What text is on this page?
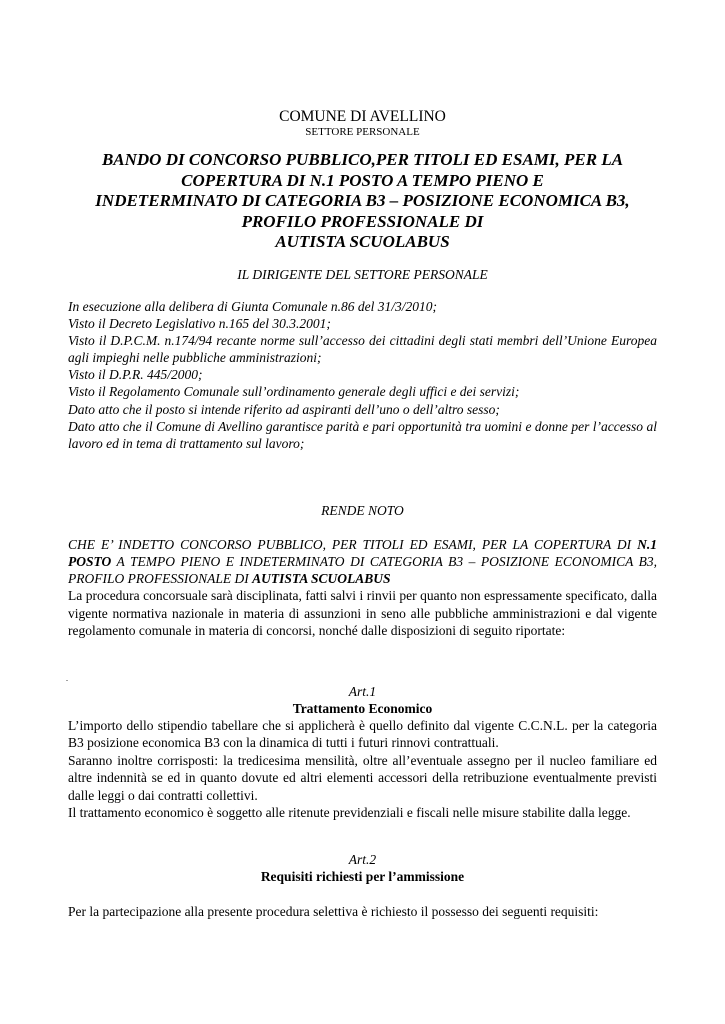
COMUNE DI AVELLINO
SETTORE PERSONALE
BANDO DI CONCORSO PUBBLICO,PER TITOLI ED ESAMI, PER LA
COPERTURA DI N.1 POSTO A TEMPO PIENO E
INDETERMINATO DI CATEGORIA B3 – POSIZIONE ECONOMICA B3,
PROFILO PROFESSIONALE DI
AUTISTA SCUOLABUS
IL DIRIGENTE DEL SETTORE PERSONALE

In esecuzione alla delibera di Giunta Comunale n.86 del 31/3/2010;

Visto il Decreto Legislativo n.165 del 30.3.2001;

Visto il D.P.C.M. n.174/94 recante norme sull’accesso dei cittadini degli stati membri dell’Unione Europea agli impieghi nelle pubbliche amministrazioni;

Visto il D.P.R. 445/2000;

Visto il Regolamento Comunale sull’ordinamento generale degli uffici e dei servizi;

Dato atto che il posto si intende riferito ad aspiranti dell’uno o dell’altro sesso;

Dato atto che il Comune di Avellino garantisce parità e pari opportunità tra uomini e donne per l’accesso al lavoro ed in tema di trattamento sul lavoro;

RENDE NOTO
CHE E’ INDETTO CONCORSO PUBBLICO, PER TITOLI ED ESAMI, PER LA COPERTURA DI N.1 POSTO A TEMPO PIENO E INDETERMINATO DI CATEGORIA B3 – POSIZIONE ECONOMICA B3, PROFILO PROFESSIONALE DI AUTISTA SCUOLABUS
La procedura concorsuale sarà disciplinata, fatti salvi i rinvii per quanto non espressamente specificato, dalla vigente normativa nazionale in materia di assunzioni in seno alle pubbliche amministrazioni e dal vigente regolamento comunale in materia di concorsi, nonché dalle disposizioni di seguito riportate:
.
Art.1
Trattamento Economico

L’importo dello stipendio tabellare che si applicherà è quello definito dal vigente C.C.N.L. per la categoria B3 posizione economica B3 con la dinamica di tutti i futuri rinnovi contrattuali.

Saranno inoltre corrisposti: la tredicesima mensilità, oltre all’eventuale assegno per il nucleo familiare ed altre indennità se ed in quanto dovute ed altri elementi accessori della retribuzione eventualmente previsti dalle leggi o dai contratti collettivi.

Il trattamento economico è soggetto alle ritenute previdenziali e fiscali nelle misure stabilite dalla legge.

Art.2
Requisiti richiesti per l’ammissione
Per la partecipazione alla presente procedura selettiva è richiesto il possesso dei seguenti requisiti:
